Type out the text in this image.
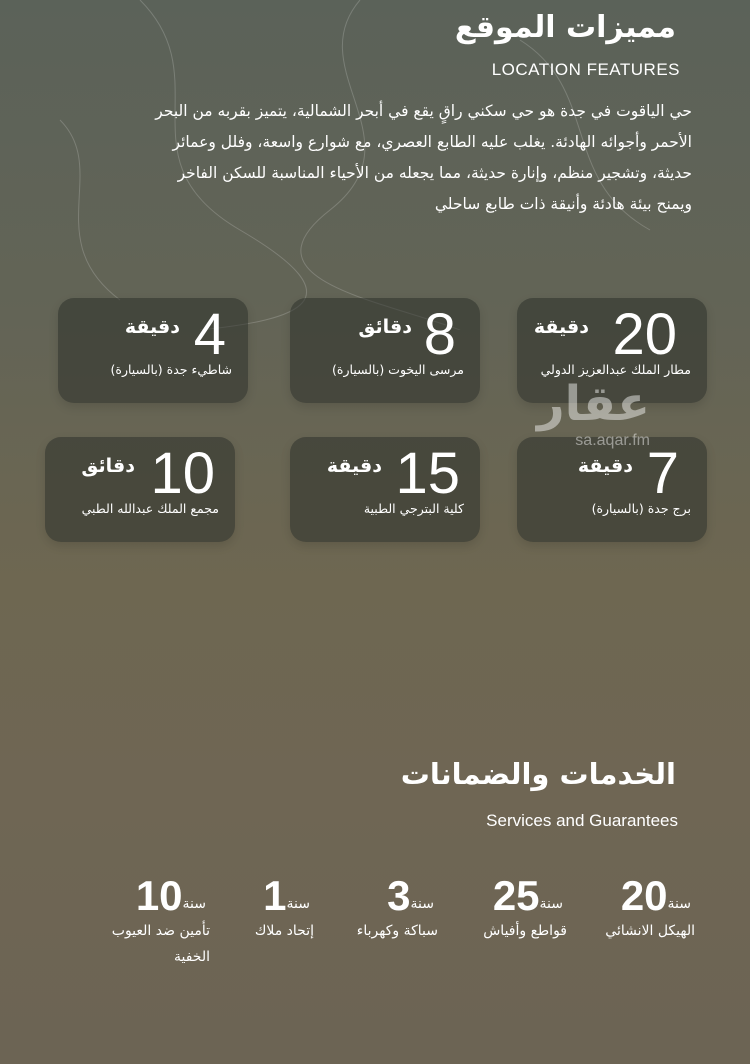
مميزات الموقع
LOCATION FEATURES
حي الياقوت في جدة هو حي سكني راقٍ يقع في أبحر الشمالية، يتميز بقربه من البحر الأحمر وأجوائه الهادئة. يغلب عليه الطابع العصري، مع شوارع واسعة، وفلل وعمائر حديثة، وتشجير منظم، وإنارة حديثة، مما يجعله من الأحياء المناسبة للسكن الفاخر ويمنح بيئة هادئة وأنيقة ذات طابع ساحلي
20
دقيقة
مطار الملك عبدالعزيز الدولي
8
دقائق
مرسى اليخوت (بالسيارة)
4
دقيقة
شاطيء جدة (بالسيارة)
7
دقيقة
برج جدة (بالسيارة)
15
دقيقة
كلية البترجي الطبية
10
دقائق
مجمع الملك عبدالله الطبي
عقار
sa.aqar.fm
الخدمات والضمانات
Services and Guarantees
سنة20
الهيكل الانشائي
سنة25
قواطع وأفياش
سنة3
سباكة وكهرباء
سنة1
إتحاد ملاك
سنة10
تأمين ضد العيوب
الخفية
